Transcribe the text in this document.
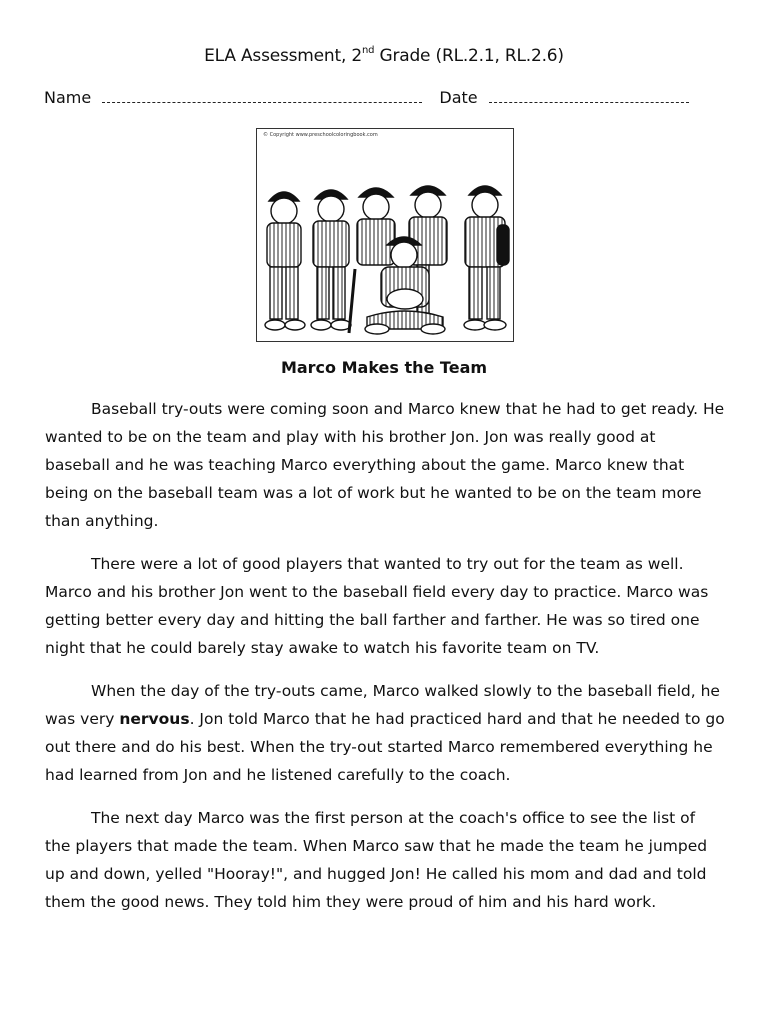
ELA Assessment, 2nd Grade (RL.2.1, RL.2.6)
Name	Date
© Copyright www.preschoolcoloringbook.com
Marco Makes the Team

Baseball try-outs were coming soon and Marco knew that he had to get ready. He wanted to be on the team and play with his brother Jon. Jon was really good at baseball and he was teaching Marco everything about the game. Marco knew that being on the baseball team was a lot of work but he wanted to be on the team more than anything.

There were a lot of good players that wanted to try out for the team as well. Marco and his brother Jon went to the baseball field every day to practice. Marco was getting better every day and hitting the ball farther and farther. He was so tired one night that he could barely stay awake to watch his favorite team on TV.

When the day of the try-outs came, Marco walked slowly to the baseball field, he was very nervous. Jon told Marco that he had practiced hard and that he needed to go out there and do his best. When the try-out started Marco remembered everything he had learned from Jon and he listened carefully to the coach.

The next day Marco was the first person at the coach's office to see the list of the players that made the team. When Marco saw that he made the team he jumped up and down, yelled "Hooray!", and hugged Jon! He called his mom and dad and told them the good news. They told him they were proud of him and his hard work.
